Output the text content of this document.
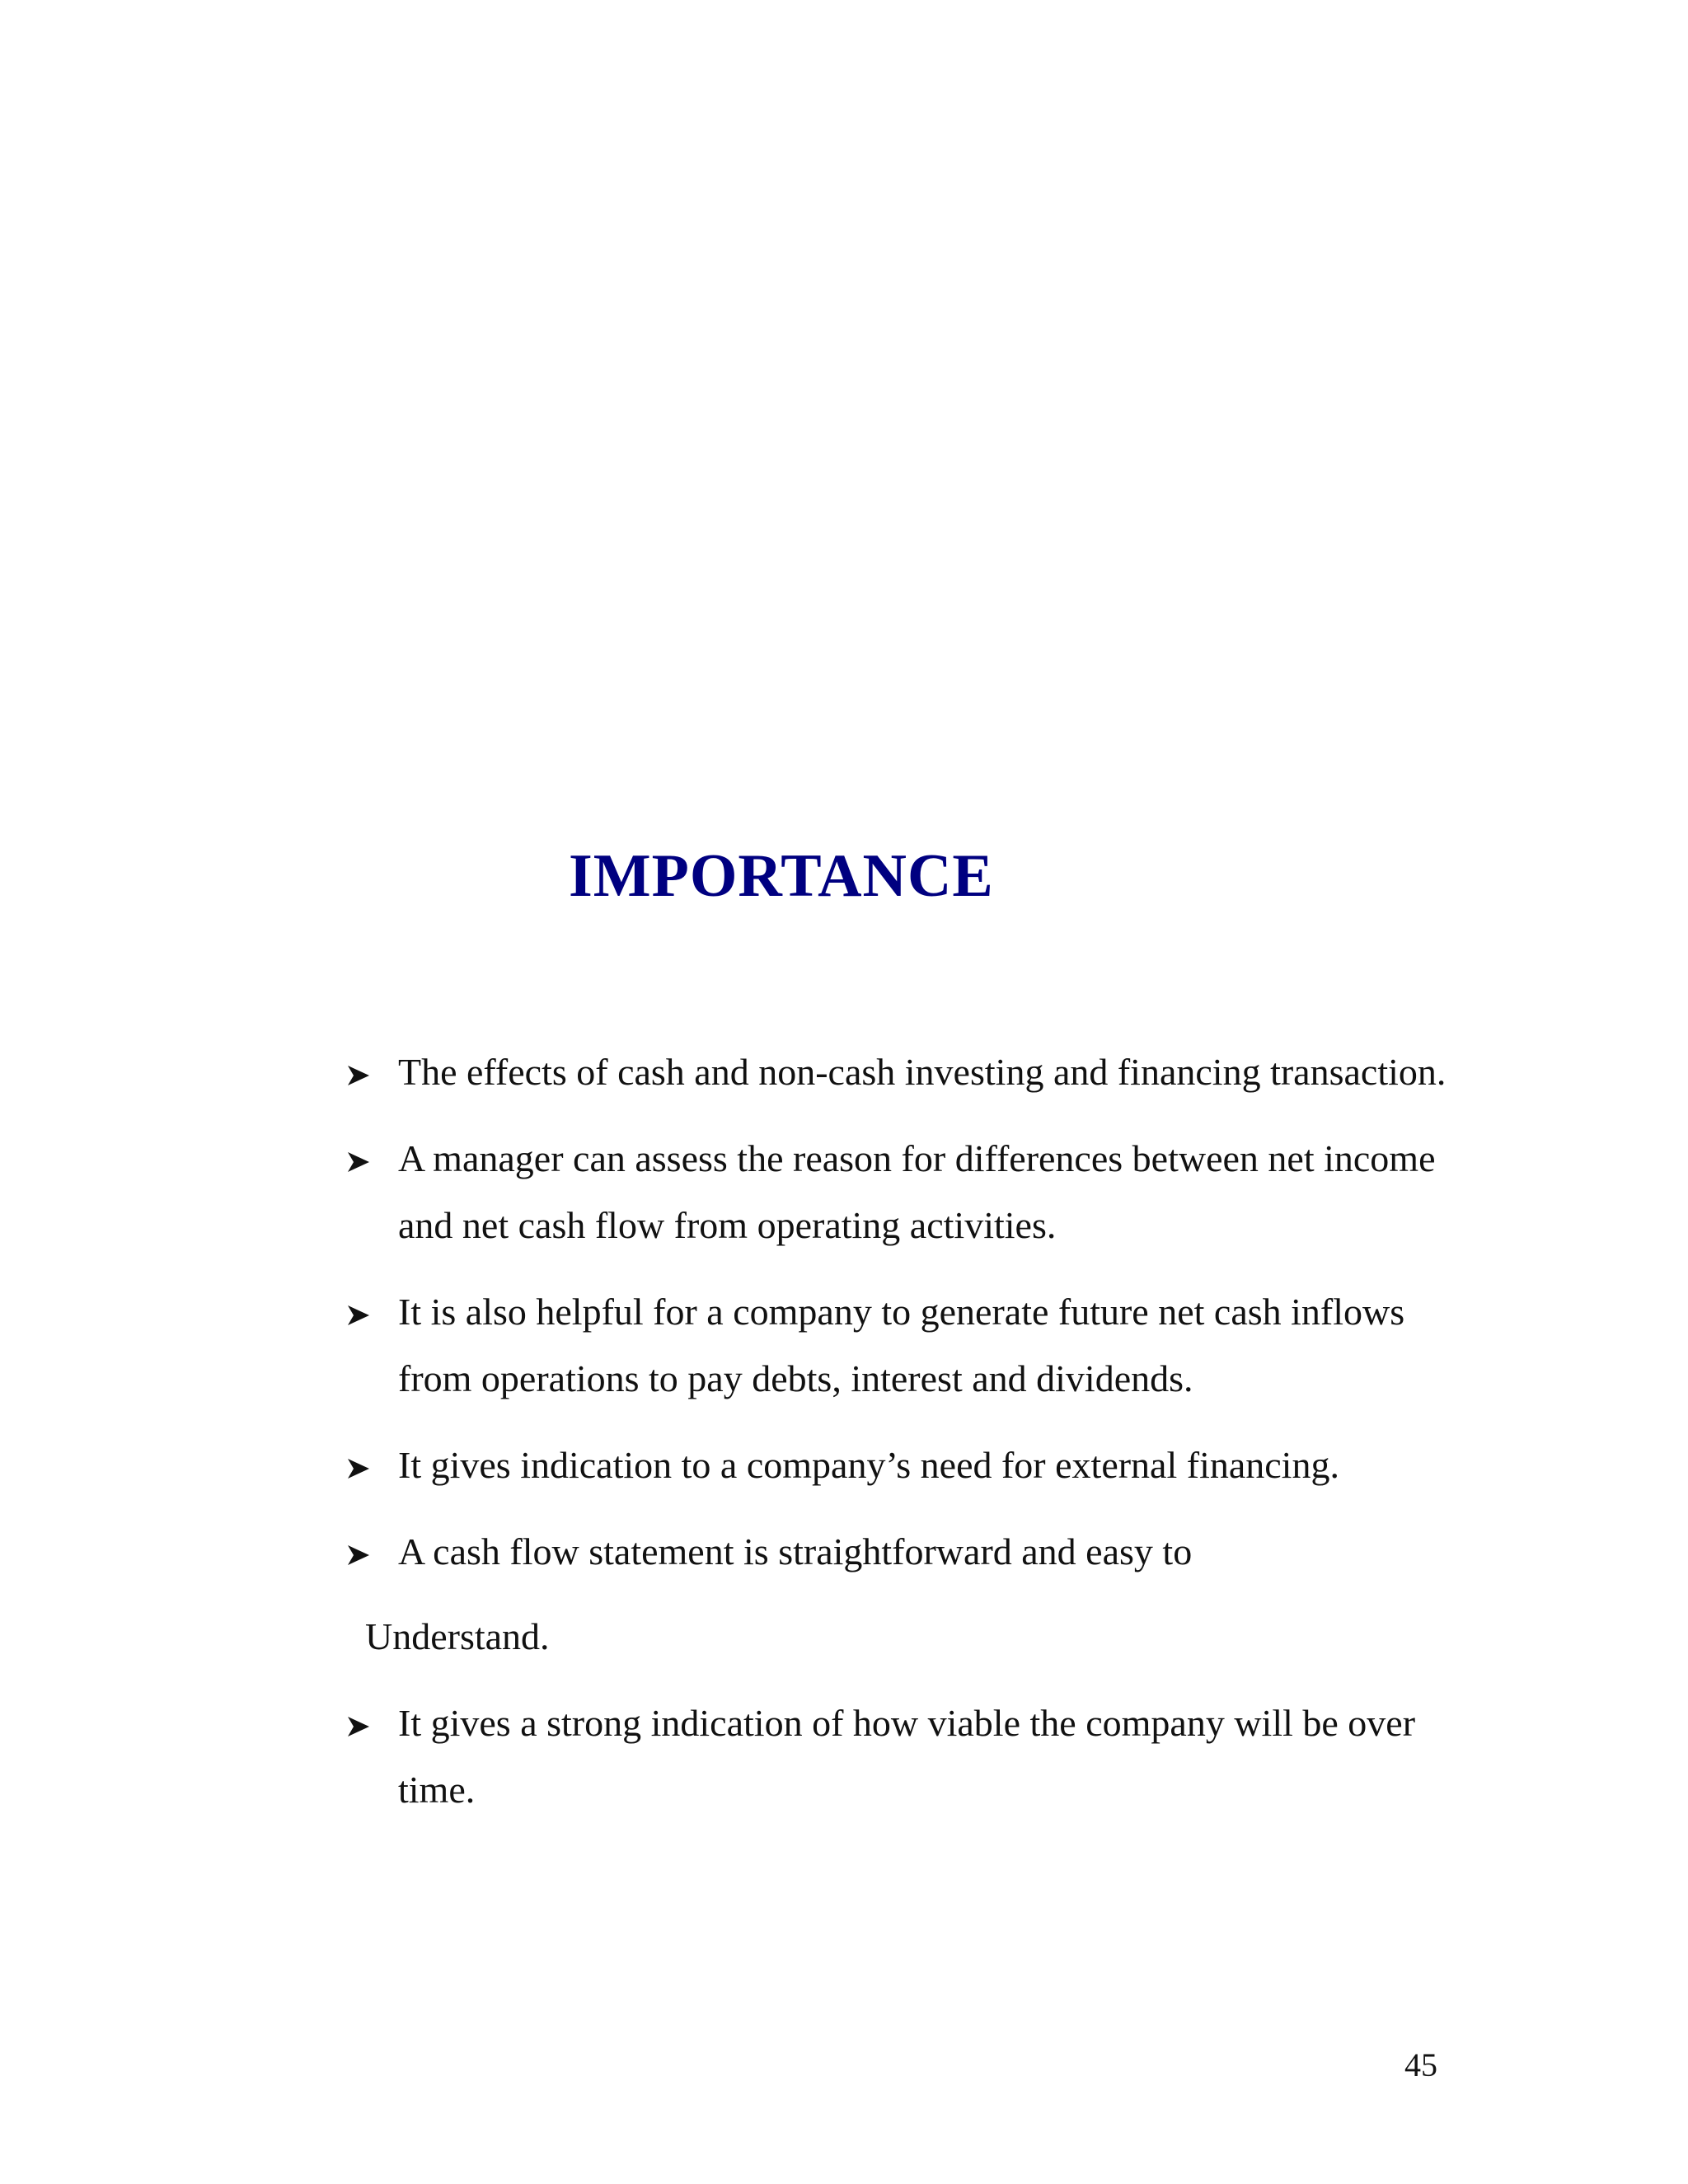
IMPORTANCE
The effects of cash and non-cash investing and financing transaction.
A manager can assess the reason for differences between net income and net cash flow from operating activities.
It is also helpful for a company to generate future net cash inflows from operations to pay debts, interest and dividends.
It gives indication to a company’s need for external financing.
A cash flow statement is straightforward and easy to
Understand.
It gives a strong indication of how viable the company will be over time.
45
